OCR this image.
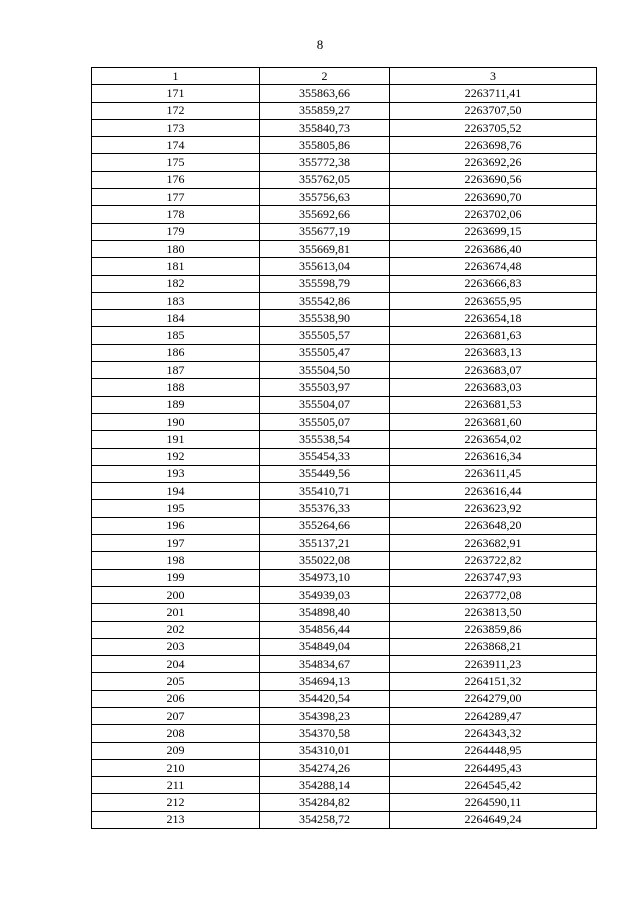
8
1	2	3
171	355863,66	2263711,41
172	355859,27	2263707,50
173	355840,73	2263705,52
174	355805,86	2263698,76
175	355772,38	2263692,26
176	355762,05	2263690,56
177	355756,63	2263690,70
178	355692,66	2263702,06
179	355677,19	2263699,15
180	355669,81	2263686,40
181	355613,04	2263674,48
182	355598,79	2263666,83
183	355542,86	2263655,95
184	355538,90	2263654,18
185	355505,57	2263681,63
186	355505,47	2263683,13
187	355504,50	2263683,07
188	355503,97	2263683,03
189	355504,07	2263681,53
190	355505,07	2263681,60
191	355538,54	2263654,02
192	355454,33	2263616,34
193	355449,56	2263611,45
194	355410,71	2263616,44
195	355376,33	2263623,92
196	355264,66	2263648,20
197	355137,21	2263682,91
198	355022,08	2263722,82
199	354973,10	2263747,93
200	354939,03	2263772,08
201	354898,40	2263813,50
202	354856,44	2263859,86
203	354849,04	2263868,21
204	354834,67	2263911,23
205	354694,13	2264151,32
206	354420,54	2264279,00
207	354398,23	2264289,47
208	354370,58	2264343,32
209	354310,01	2264448,95
210	354274,26	2264495,43
211	354288,14	2264545,42
212	354284,82	2264590,11
213	354258,72	2264649,24
